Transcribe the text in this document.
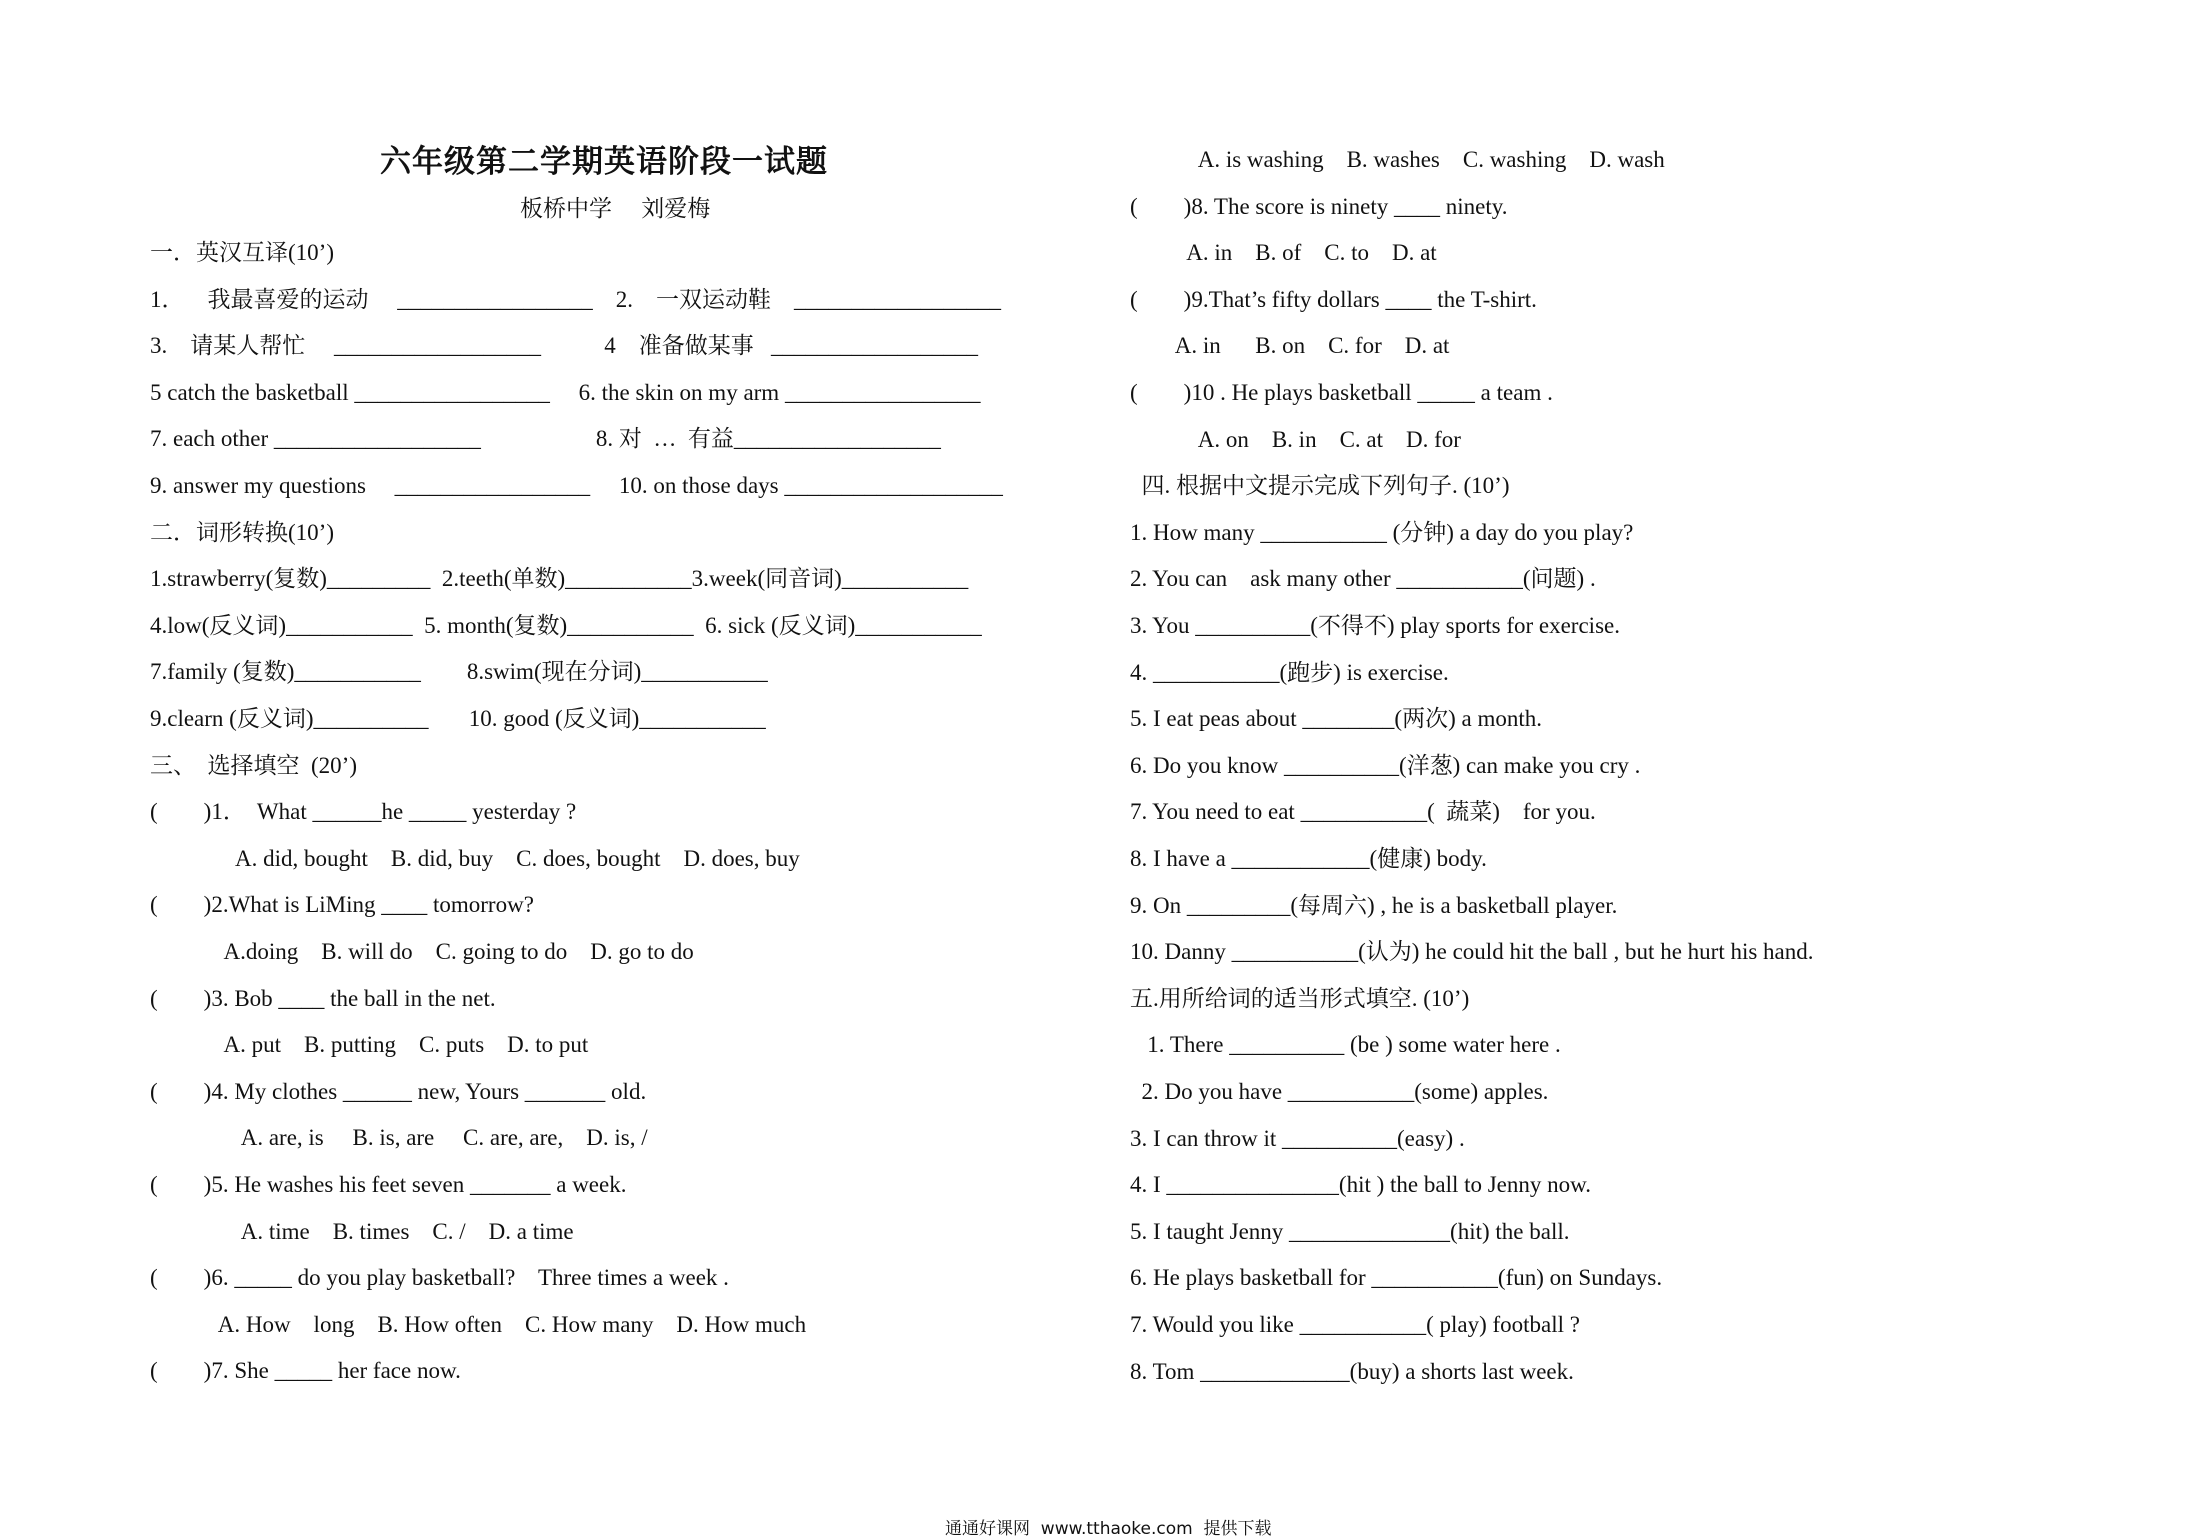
六年级第二学期英语阶段一试题
板桥中学    刘爱梅
一．英汉互译(10’)
1．    我最喜爱的运动     _________________    2.    一双运动鞋    __________________
3.    请某人帮忙     __________________           4    准备做某事   __________________
5 catch the basketball _________________     6. the skin on my arm _________________
7. each other __________________                    8. 对  …  有益__________________
9. answer my questions     _________________     10. on those days ___________________
二．词形转换(10’)
1.strawberry(复数)_________  2.teeth(单数)___________3.week(同音词)___________
4.low(反义词)___________  5. month(复数)___________  6. sick (反义词)___________
7.family (复数)___________        8.swim(现在分词)___________
9.clearn (反义词)__________       10. good (反义词)___________
三、  选择填空  (20’)
(        )1．  What ______he _____ yesterday ?
A. did, bought    B. did, buy    C. does, bought    D. does, buy
(        )2.What is LiMing ____ tomorrow?
A.doing    B. will do    C. going to do    D. go to do
(        )3. Bob ____ the ball in the net.
A. put    B. putting    C. puts    D. to put
(        )4. My clothes ______ new, Yours _______ old.
A. are, is     B. is, are     C. are, are,    D. is, /
(        )5. He washes his feet seven _______ a week.
A. time    B. times    C. /    D. a time
(        )6. _____ do you play basketball?    Three times a week .
A. How    long    B. How often    C. How many    D. How much
(        )7. She _____ her face now.
A. is washing    B. washes    C. washing    D. wash
(        )8. The score is ninety ____ ninety.
A. in    B. of    C. to    D. at
(        )9.That’s fifty dollars ____ the T-shirt.
A. in      B. on    C. for    D. at
(        )10 . He plays basketball _____ a team .
A. on    B. in    C. at    D. for
四. 根据中文提示完成下列句子. (10’)
1. How many ___________ (分钟) a day do you play?
2. You can    ask many other ___________(问题) .
3. You __________(不得不) play sports for exercise.
4. ___________(跑步) is exercise.
5. I eat peas about ________(两次) a month.
6. Do you know __________(洋葱) can make you cry .
7. You need to eat ___________(  蔬菜)    for you.
8. I have a ____________(健康) body.
9. On _________(每周六) , he is a basketball player.
10. Danny ___________(认为) he could hit the ball , but he hurt his hand.
五.用所给词的适当形式填空. (10’)
1. There __________ (be ) some water here .
2. Do you have ___________(some) apples.
3. I can throw it __________(easy) .
4. I _______________(hit ) the ball to Jenny now.
5. I taught Jenny ______________(hit) the ball.
6. He plays basketball for ___________(fun) on Sundays.
7. Would you like ___________( play) football ?
8. Tom _____________(buy) a shorts last week.
通通好课网  www.tthaoke.com  提供下载
